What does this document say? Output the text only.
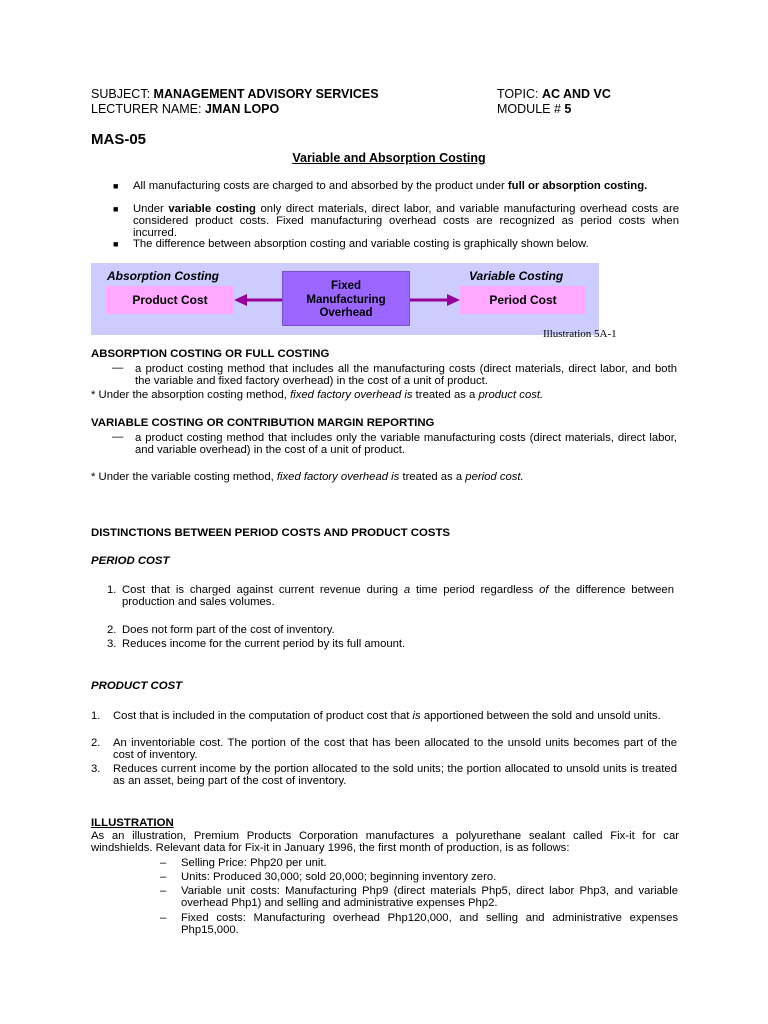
SUBJECT: MANAGEMENT ADVISORY SERVICES	TOPIC: AC AND VC
LECTURER NAME: JMAN LOPO	MODULE # 5
MAS-05
Variable and Absorption Costing
■ All manufacturing costs are charged to and absorbed by the product under full or absorption costing.
■ Under variable costing only direct materials, direct labor, and variable manufacturing overhead costs are considered product costs. Fixed manufacturing overhead costs are recognized as period costs when incurred.
■ The difference between absorption costing and variable costing is graphically shown below.
Absorption Costing	Variable Costing
Product Cost
Fixed
Manufacturing
Overhead
Period Cost
Illustration 5A-1
ABSORPTION COSTING OR FULL COSTING
— a product costing method that includes all the manufacturing costs (direct materials, direct labor, and both the variable and fixed factory overhead) in the cost of a unit of product.
* Under the absorption costing method, fixed factory overhead is treated as a product cost.
VARIABLE COSTING OR CONTRIBUTION MARGIN REPORTING
— a product costing method that includes only the variable manufacturing costs (direct materials, direct labor, and variable overhead) in the cost of a unit of product.
* Under the variable costing method, fixed factory overhead is treated as a period cost.
DISTINCTIONS BETWEEN PERIOD COSTS AND PRODUCT COSTS
PERIOD COST
1. Cost that is charged against current revenue during a time period regardless of the difference between production and sales volumes.
2. Does not form part of the cost of inventory.
3. Reduces income for the current period by its full amount.
PRODUCT COST
1. Cost that is included in the computation of product cost that is apportioned between the sold and unsold units.
2. An inventoriable cost. The portion of the cost that has been allocated to the unsold units becomes part of the cost of inventory.
3. Reduces current income by the portion allocated to the sold units; the portion allocated to unsold units is treated as an asset, being part of the cost of inventory.
ILLUSTRATION
As an illustration, Premium Products Corporation manufactures a polyurethane sealant called Fix-it for car windshields. Relevant data for Fix-it in January 1996, the first month of production, is as follows:
– Selling Price: Php20 per unit.
– Units: Produced 30,000; sold 20,000; beginning inventory zero.
– Variable unit costs: Manufacturing Php9 (direct materials Php5, direct labor Php3, and variable overhead Php1) and selling and administrative expenses Php2.
– Fixed costs: Manufacturing overhead Php120,000, and selling and administrative expenses Php15,000.
